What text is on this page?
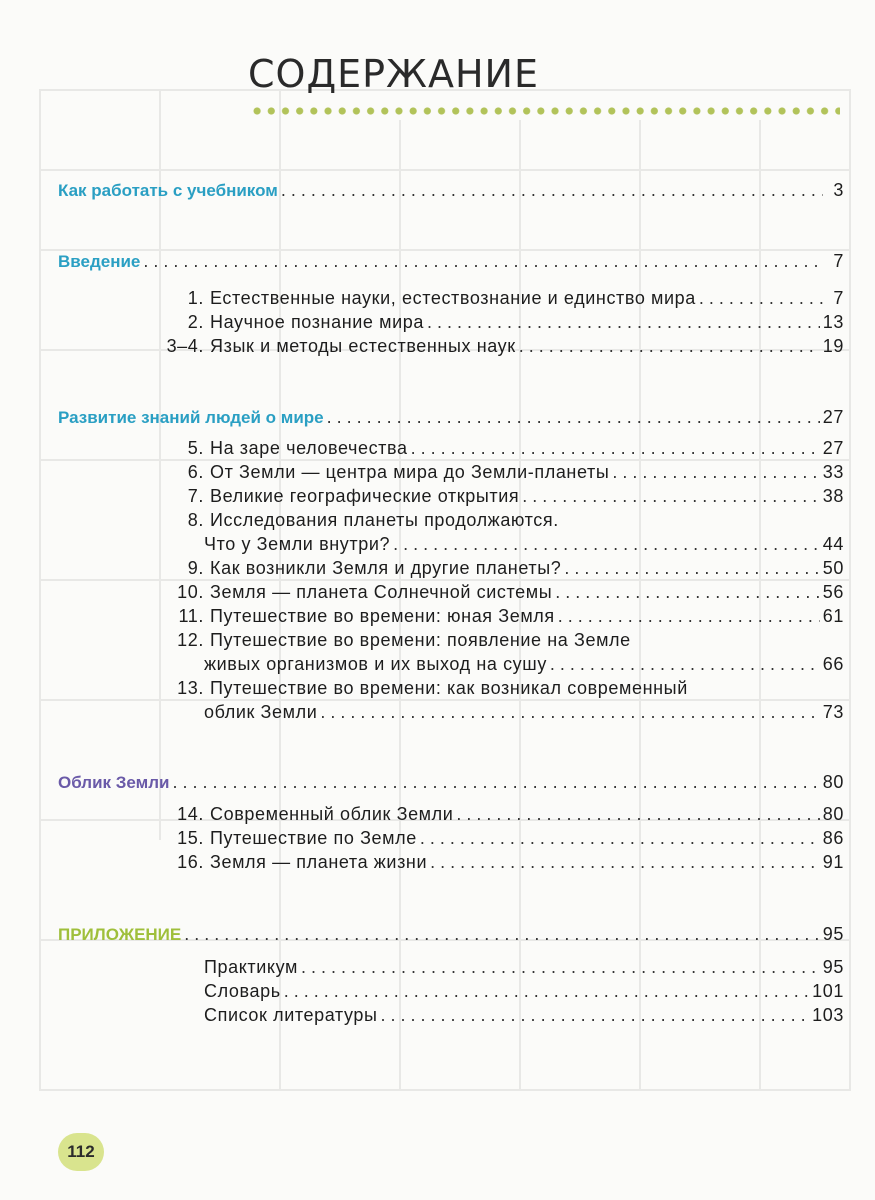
СОДЕРЖАНИЕ
Как работать с учебником . . .	3
Введение . . .	7
1. Естественные науки, естествознание и единство мира . . .	7
2. Научное познание мира . . .	13
3–4. Язык и методы естественных наук . . .	19
Развитие знаний людей о мире . . .	27
5. На заре человечества . . .	27
6. От Земли — центра мира до Земли-планеты . . .	33
7. Великие географические открытия . . .	38
8. Исследования планеты продолжаются.
Что у Земли внутри? . . .	44
9. Как возникли Земля и другие планеты? . . .	50
10. Земля — планета Солнечной системы . . .	56
11. Путешествие во времени: юная Земля . . .	61
12. Путешествие во времени: появление на Земле
живых организмов и их выход на сушу . . .	66
13. Путешествие во времени: как возникал современный
облик Земли . . .	73
Облик Земли . . .	80
14. Современный облик Земли . . .	80
15. Путешествие по Земле . . .	86
16. Земля — планета жизни . . .	91
ПРИЛОЖЕНИЕ . . .	95
Практикум . . .	95
Словарь . . .	101
Список литературы . . .	103
112
